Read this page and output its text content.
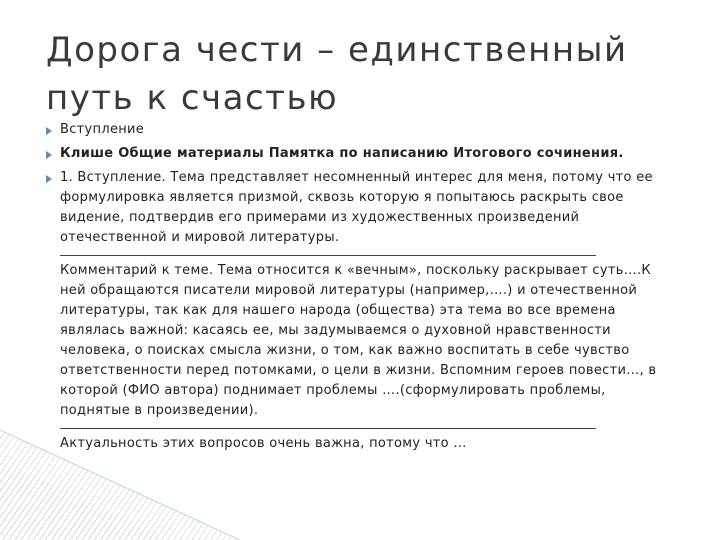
Дорога чести – единственный путь к счастью
Вступление
Клише Общие материалы Памятка по написанию Итогового сочинения.
1. Вступление. Тема представляет несомненный интерес для меня, потому что ее формулировка является призмой, сквозь которую я попытаюсь раскрыть свое видение, подтвердив его примерами из художественных произведений отечественной и мировой литературы.
Комментарий к теме. Тема относится к «вечным», поскольку раскрывает суть….К ней обращаются писатели мировой литературы (например,….) и отечественной литературы, так как для нашего народа (общества) эта тема во все времена являлась важной: касаясь ее, мы задумываемся о духовной нравственности человека, о поисках смысла жизни, о том, как важно воспитать в себе чувство ответственности перед потомками, о цели в жизни. Вспомним героев повести…, в которой (ФИО автора) поднимает проблемы ….(сформулировать проблемы, поднятые в произведении).
Актуальность этих вопросов очень важна, потому что …
